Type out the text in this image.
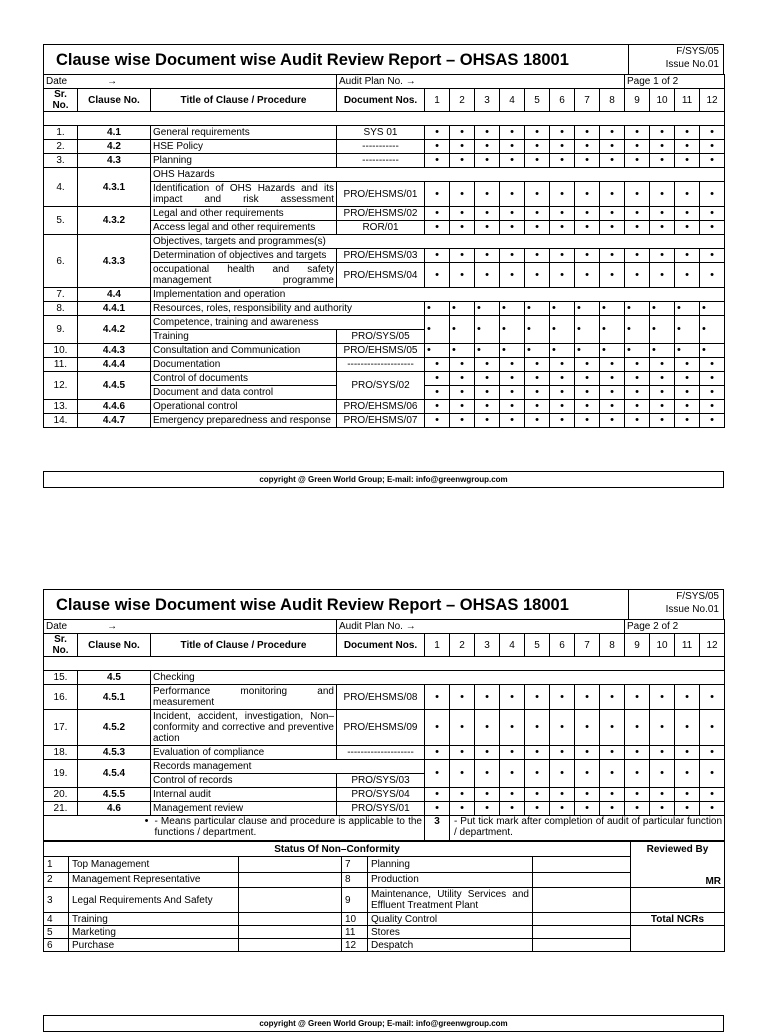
Clause wise Document wise Audit Review Report – OHSAS 18001	F/SYS/05
Issue No.01
Date →			Audit Plan No. →									Page 1 of 2			
Sr. No.	Clause No.	Title of Clause / Procedure	Document Nos.	1	2	3	4	5	6	7	8	9	10	11	12

1.	4.1	General requirements	SYS 01	•	•	•	•	•	•	•	•	•	•	•	•
2.	4.2	HSE Policy	-----------	•	•	•	•	•	•	•	•	•	•	•	•
3.	4.3	Planning	-----------	•	•	•	•	•	•	•	•	•	•	•	•
4.	4.3.1	OHS Hazards													
		Identification of OHS Hazards and its impact and risk assessment	PRO/EHSMS/01	•	•	•	•	•	•	•	•	•	•	•	•
5.	4.3.2	Legal and other requirements	PRO/EHSMS/02	•	•	•	•	•	•	•	•	•	•	•	•
		Access legal and other requirements	ROR/01	•	•	•	•	•	•	•	•	•	•	•	•
6.	4.3.3	Objectives, targets and programmes(s)													
		Determination of objectives and targets	PRO/EHSMS/03	•	•	•	•	•	•	•	•	•	•	•	•
		occupational health and safety management programme	PRO/EHSMS/04	•	•	•	•	•	•	•	•	•	•	•	•
7.	4.4	Implementation and operation													
8.	4.4.1	Resources, roles, responsibility and authority		•	•	•	•	•	•	•	•	•	•	•	•
9.	4.4.2	Competence, training and awareness		•	•	•	•	•	•	•	•	•	•	•	•
		Training	PRO/SYS/05												
10.	4.4.3	Consultation and Communication	PRO/EHSMS/05	•	•	•	•	•	•	•	•	•	•	•	•
11.	4.4.4	Documentation	--------------------	•	•	•	•	•	•	•	•	•	•	•	•
12.	4.4.5	Control of documents	PRO/SYS/02	•	•	•	•	•	•	•	•	•	•	•	•
		Document and data control		•	•	•	•	•	•	•	•	•	•	•	•
13.	4.4.6	Operational control	PRO/EHSMS/06	•	•	•	•	•	•	•	•	•	•	•	•
14.	4.4.7	Emergency preparedness and response	PRO/EHSMS/07	•	•	•	•	•	•	•	•	•	•	•	•
copyright @ Green World Group; E-mail: info@greenwgroup.com
Clause wise Document wise Audit Review Report – OHSAS 18001	F/SYS/05
Issue No.01
Date →			Audit Plan No. →									Page 2 of 2			
Sr. No.	Clause No.	Title of Clause / Procedure	Document Nos.	1	2	3	4	5	6	7	8	9	10	11	12

15.	4.5	Checking													
16.	4.5.1	Performance monitoring and measurement	PRO/EHSMS/08	•	•	•	•	•	•	•	•	•	•	•	•
17.	4.5.2	Incident, accident, investigation, Non–conformity and corrective and preventive action	PRO/EHSMS/09	•	•	•	•	•	•	•	•	•	•	•	•
18.	4.5.3	Evaluation of compliance	--------------------	•	•	•	•	•	•	•	•	•	•	•	•
19.	4.5.4	Records management		•	•	•	•	•	•	•	•	•	•	•	•
		Control of records	PRO/SYS/03												
20.	4.5.5	Internal audit	PRO/SYS/04	•	•	•	•	•	•	•	•	•	•	•	•
21.	4.6	Management review	PRO/SYS/01	•	•	•	•	•	•	•	•	•	•	•	•
•		- Means particular clause and procedure is applicable to the functions / department.		3	- Put tick mark after completion of audit of particular function / department.										
Status Of Non–Conformity						Reviewed By
MR

1	Top Management		7	Planning		
2	Management Representative		8	Production		
3	Legal Requirements And Safety		9	Maintenance, Utility Services and Effluent Treatment Plant		
4	Training		10	Quality Control		Total NCRs
5	Marketing		11	Stores		
6	Purchase		12	Despatch		
copyright @ Green World Group; E-mail: info@greenwgroup.com
